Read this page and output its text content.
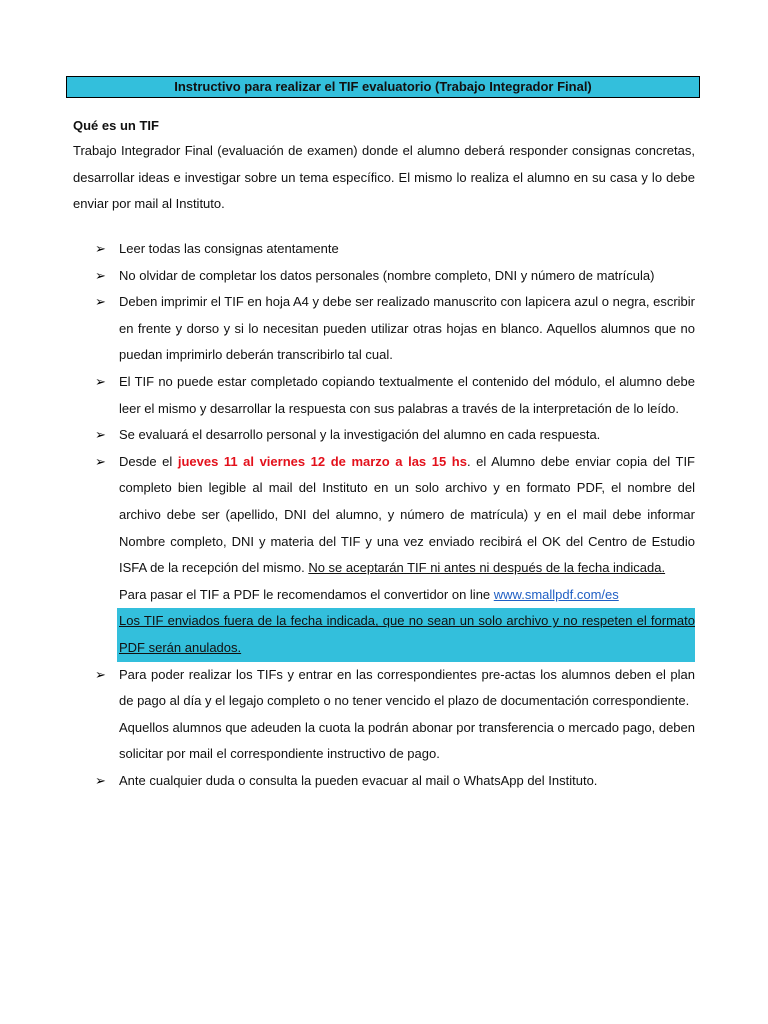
Instructivo para realizar el TIF evaluatorio (Trabajo Integrador Final)
Qué es un TIF
Trabajo Integrador Final (evaluación de examen) donde el alumno deberá responder consignas concretas, desarrollar ideas e investigar sobre un tema específico. El mismo lo realiza el alumno en su casa y lo debe enviar por mail al Instituto.
➢ Leer todas las consignas atentamente
➢ No olvidar de completar los datos personales (nombre completo, DNI y número de matrícula)
➢ Deben imprimir el TIF en hoja A4 y debe ser realizado manuscrito con lapicera azul o negra, escribir en frente y dorso y si lo necesitan pueden utilizar otras hojas en blanco. Aquellos alumnos que no puedan imprimirlo deberán transcribirlo tal cual.
➢ El TIF no puede estar completado copiando textualmente el contenido del módulo, el alumno debe leer el mismo y desarrollar la respuesta con sus palabras a través de la interpretación de lo leído.
➢ Se evaluará el desarrollo personal y la investigación del alumno en cada respuesta.
➢ Desde el jueves 11 al viernes 12 de marzo a las 15 hs. el Alumno debe enviar copia del TIF completo bien legible al mail del Instituto en un solo archivo y en formato PDF, el nombre del archivo debe ser (apellido, DNI del alumno, y número de matrícula) y en el mail debe informar Nombre completo, DNI y materia del TIF y una vez enviado recibirá el OK del Centro de Estudio ISFA de la recepción del mismo. No se aceptarán TIF ni antes ni después de la fecha indicada.
Para pasar el TIF a PDF le recomendamos el convertidor on line www.smallpdf.com/es
Los TIF enviados fuera de la fecha indicada, que no sean un solo archivo y no respeten el formato PDF serán anulados.
➢ Para poder realizar los TIFs y entrar en las correspondientes pre-actas los alumnos deben el plan de pago al día y el legajo completo o no tener vencido el plazo de documentación correspondiente.
Aquellos alumnos que adeuden la cuota la podrán abonar por transferencia o mercado pago, deben solicitar por mail el correspondiente instructivo de pago.
➢ Ante cualquier duda o consulta la pueden evacuar al mail o WhatsApp del Instituto.
